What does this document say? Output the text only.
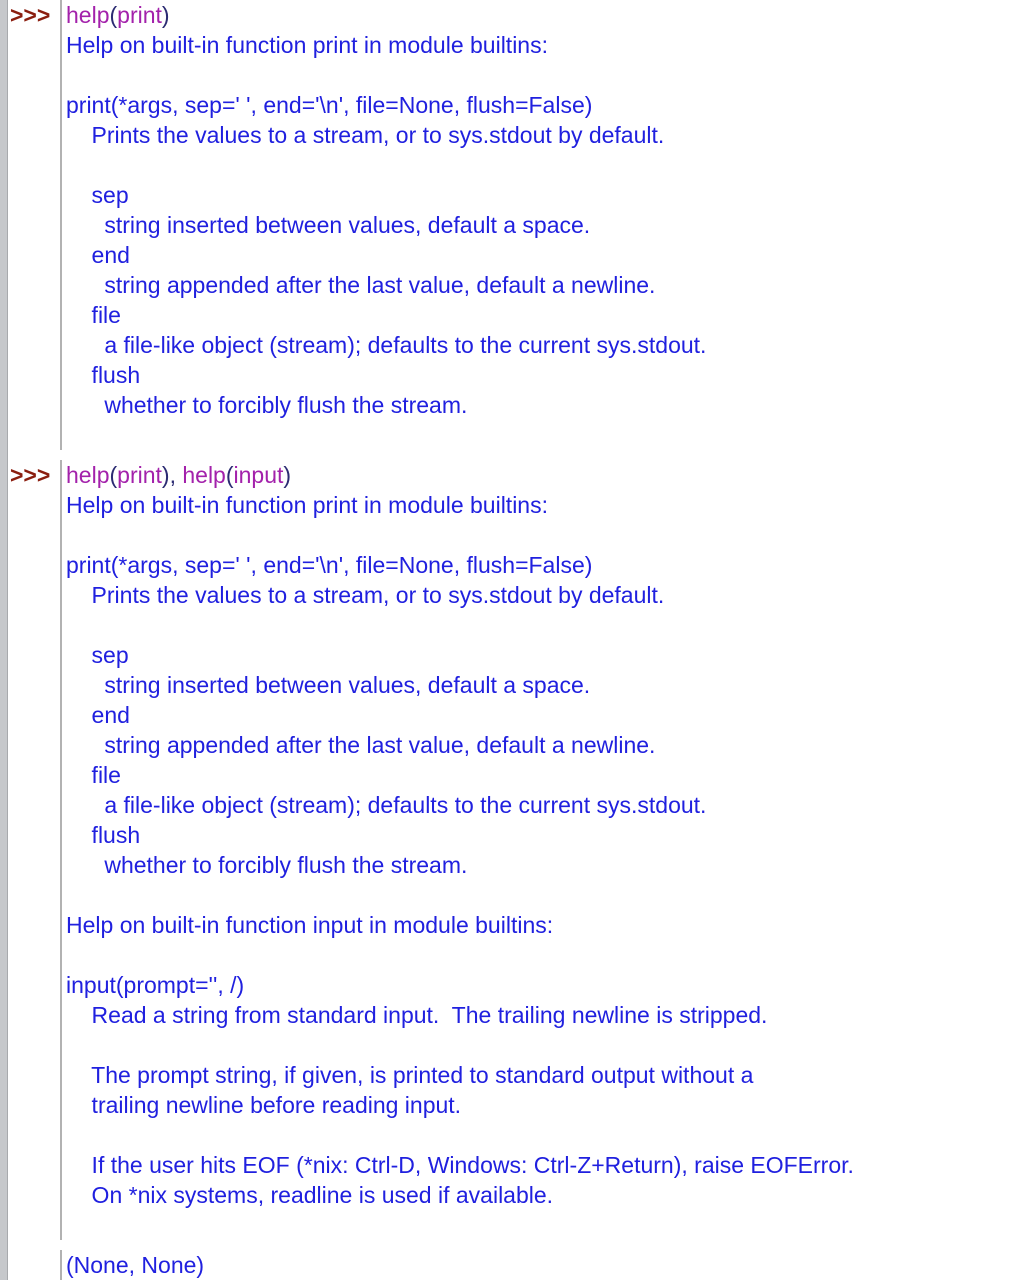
>>> help(print)
Help on built-in function print in module builtins:
print(*args, sep=' ', end='\n', file=None, flush=False)
Prints the values to a stream, or to sys.stdout by default.
sep
string inserted between values, default a space.
end
string appended after the last value, default a newline.
file
a file-like object (stream); defaults to the current sys.stdout.
flush
whether to forcibly flush the stream.
>>> help(print), help(input)
Help on built-in function print in module builtins:
print(*args, sep=' ', end='\n', file=None, flush=False)
Prints the values to a stream, or to sys.stdout by default.
sep
string inserted between values, default a space.
end
string appended after the last value, default a newline.
file
a file-like object (stream); defaults to the current sys.stdout.
flush
whether to forcibly flush the stream.
Help on built-in function input in module builtins:
input(prompt='', /)
Read a string from standard input.  The trailing newline is stripped.
The prompt string, if given, is printed to standard output without a
trailing newline before reading input.
If the user hits EOF (*nix: Ctrl-D, Windows: Ctrl-Z+Return), raise EOFError.
On *nix systems, readline is used if available.
(None, None)
